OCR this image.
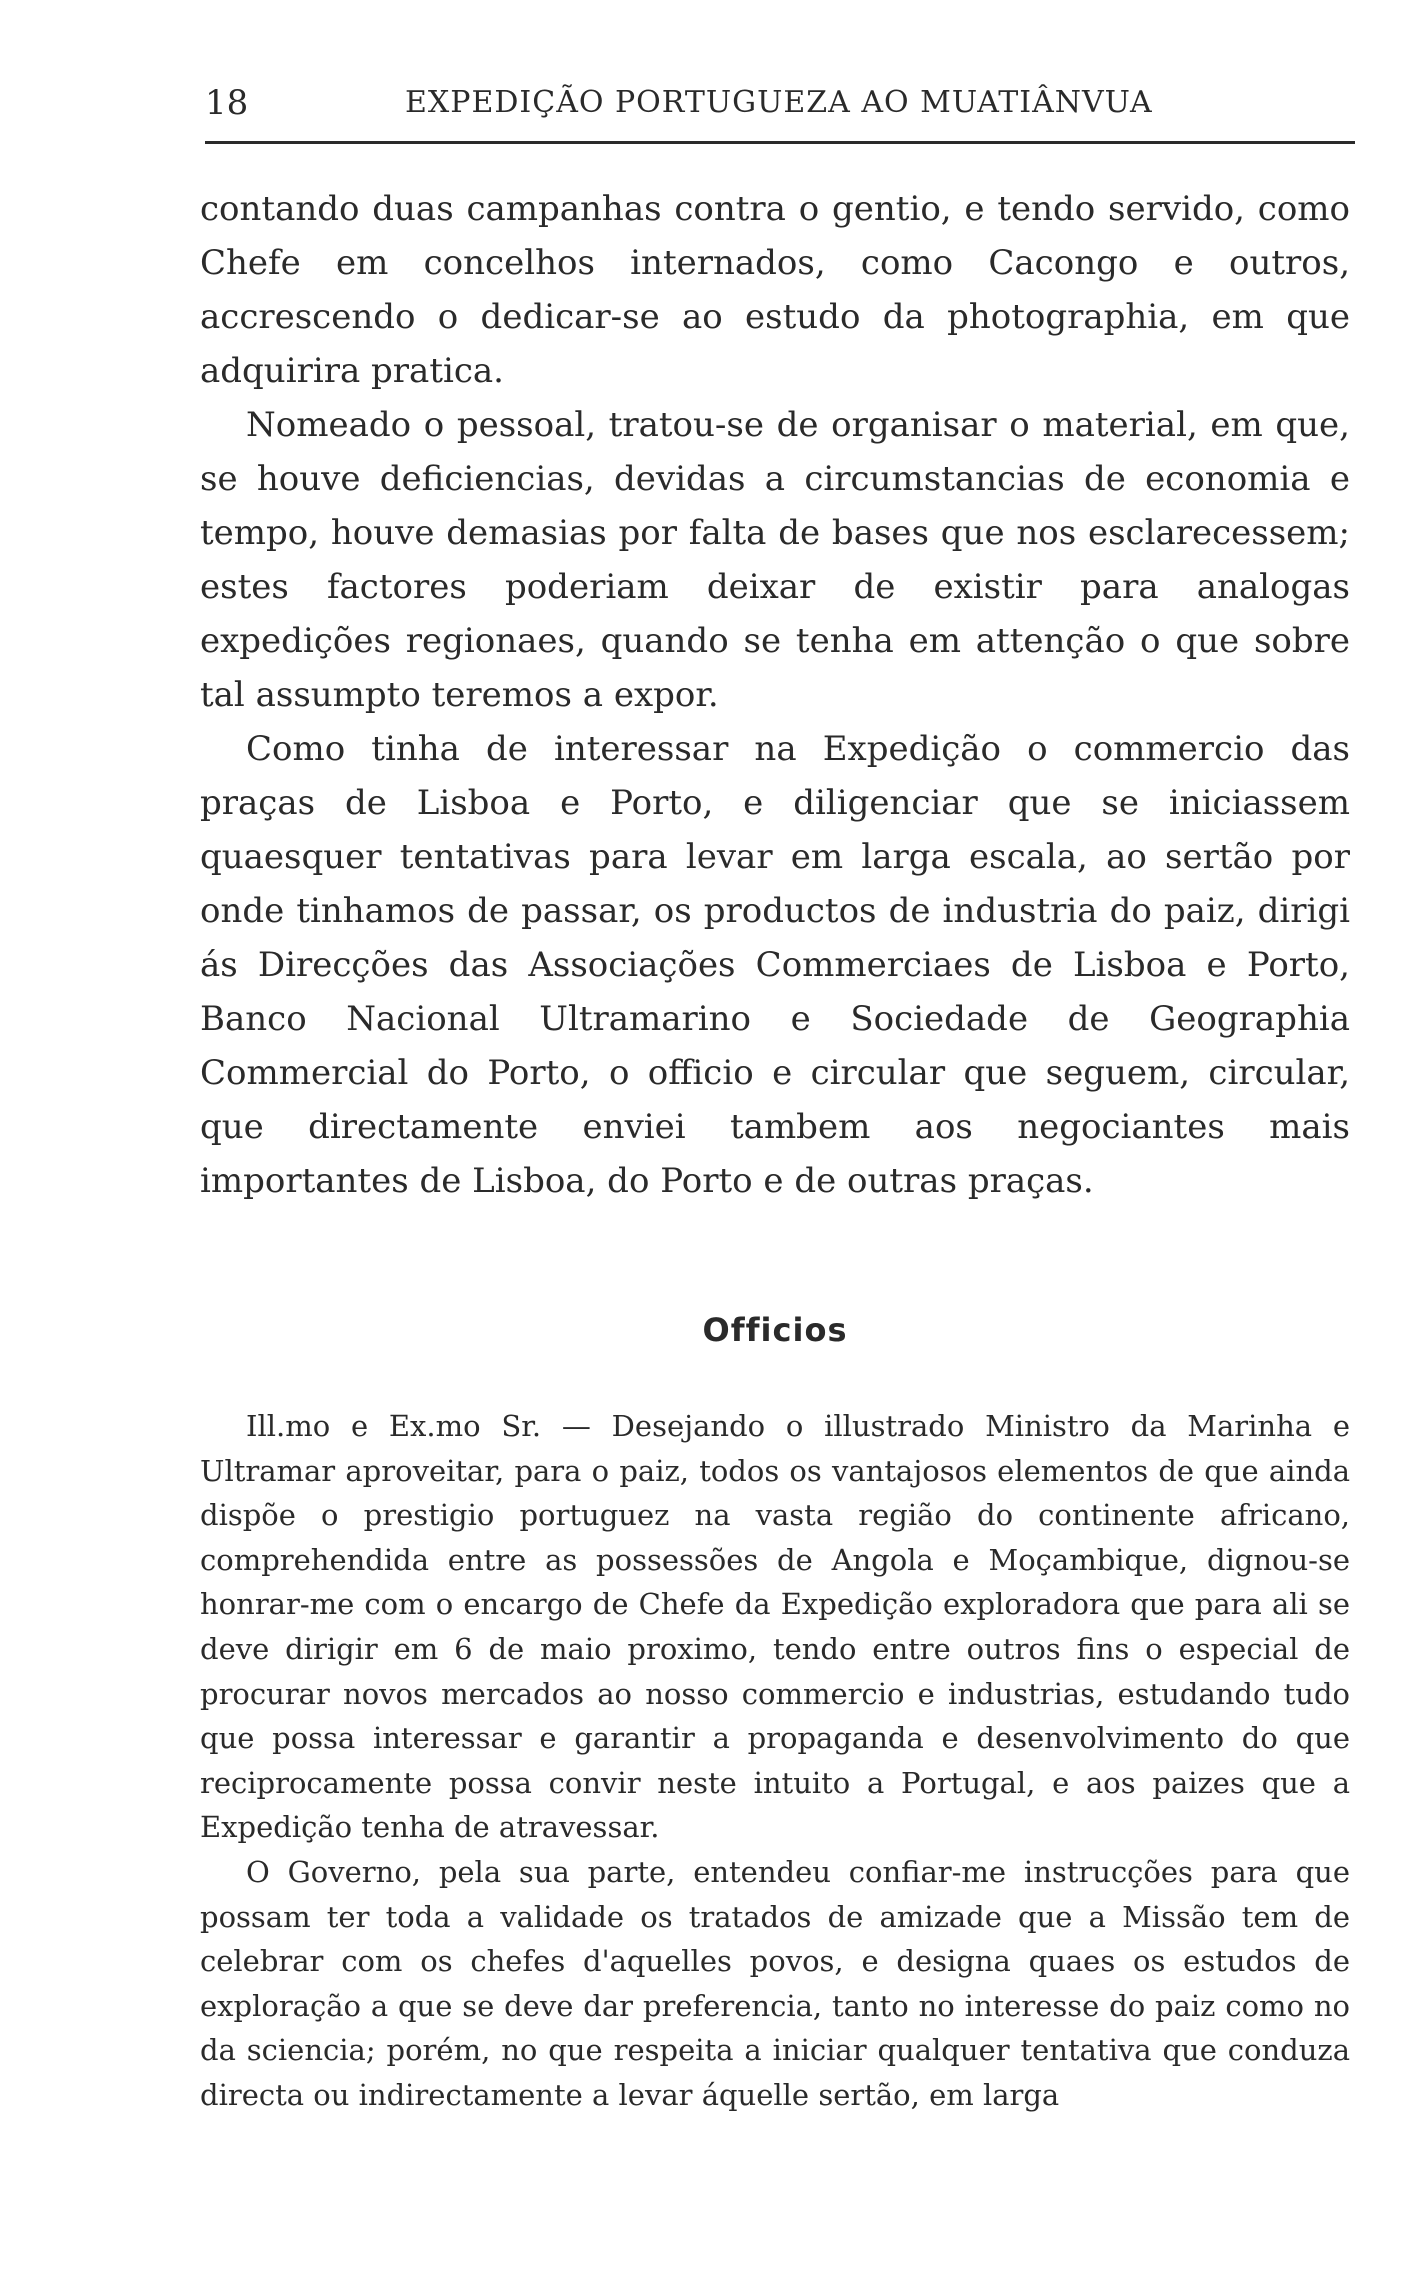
18	EXPEDIÇÃO PORTUGUEZA AO MUATIÂNVUA

contando duas campanhas contra o gentio, e tendo servido, como Chefe em concelhos internados, como Cacongo e outros, accrescendo o dedicar-se ao estudo da photographia, em que adquirira pratica.

Nomeado o pessoal, tratou-se de organisar o material, em que, se houve deficiencias, devidas a circumstancias de economia e tempo, houve demasias por falta de bases que nos esclarecessem; estes factores poderiam deixar de existir para analogas expedições regionaes, quando se tenha em attenção o que sobre tal assumpto teremos a expor.

Como tinha de interessar na Expedição o commercio das praças de Lisboa e Porto, e diligenciar que se iniciassem quaesquer tentativas para levar em larga escala, ao sertão por onde tinhamos de passar, os productos de industria do paiz, dirigi ás Direcções das Associações Commerciaes de Lisboa e Porto, Banco Nacional Ultramarino e Sociedade de Geographia Commercial do Porto, o officio e circular que seguem, circular, que directamente enviei tambem aos negociantes mais importantes de Lisboa, do Porto e de outras praças.

Officios

Ill.mo e Ex.mo Sr. — Desejando o illustrado Ministro da Marinha e Ultramar aproveitar, para o paiz, todos os vantajosos elementos de que ainda dispõe o prestigio portuguez na vasta região do continente africano, comprehendida entre as possessões de Angola e Moçambique, dignou-se honrar-me com o encargo de Chefe da Expedição exploradora que para ali se deve dirigir em 6 de maio proximo, tendo entre outros fins o especial de procurar novos mercados ao nosso commercio e industrias, estudando tudo que possa interessar e garantir a propaganda e desenvolvimento do que reciprocamente possa convir neste intuito a Portugal, e aos paizes que a Expedição tenha de atravessar.

O Governo, pela sua parte, entendeu confiar-me instrucções para que possam ter toda a validade os tratados de amizade que a Missão tem de celebrar com os chefes d'aquelles povos, e designa quaes os estudos de exploração a que se deve dar preferencia, tanto no interesse do paiz como no da sciencia; porém, no que respeita a iniciar qualquer tentativa que conduza directa ou indirectamente a levar áquelle sertão, em larga
